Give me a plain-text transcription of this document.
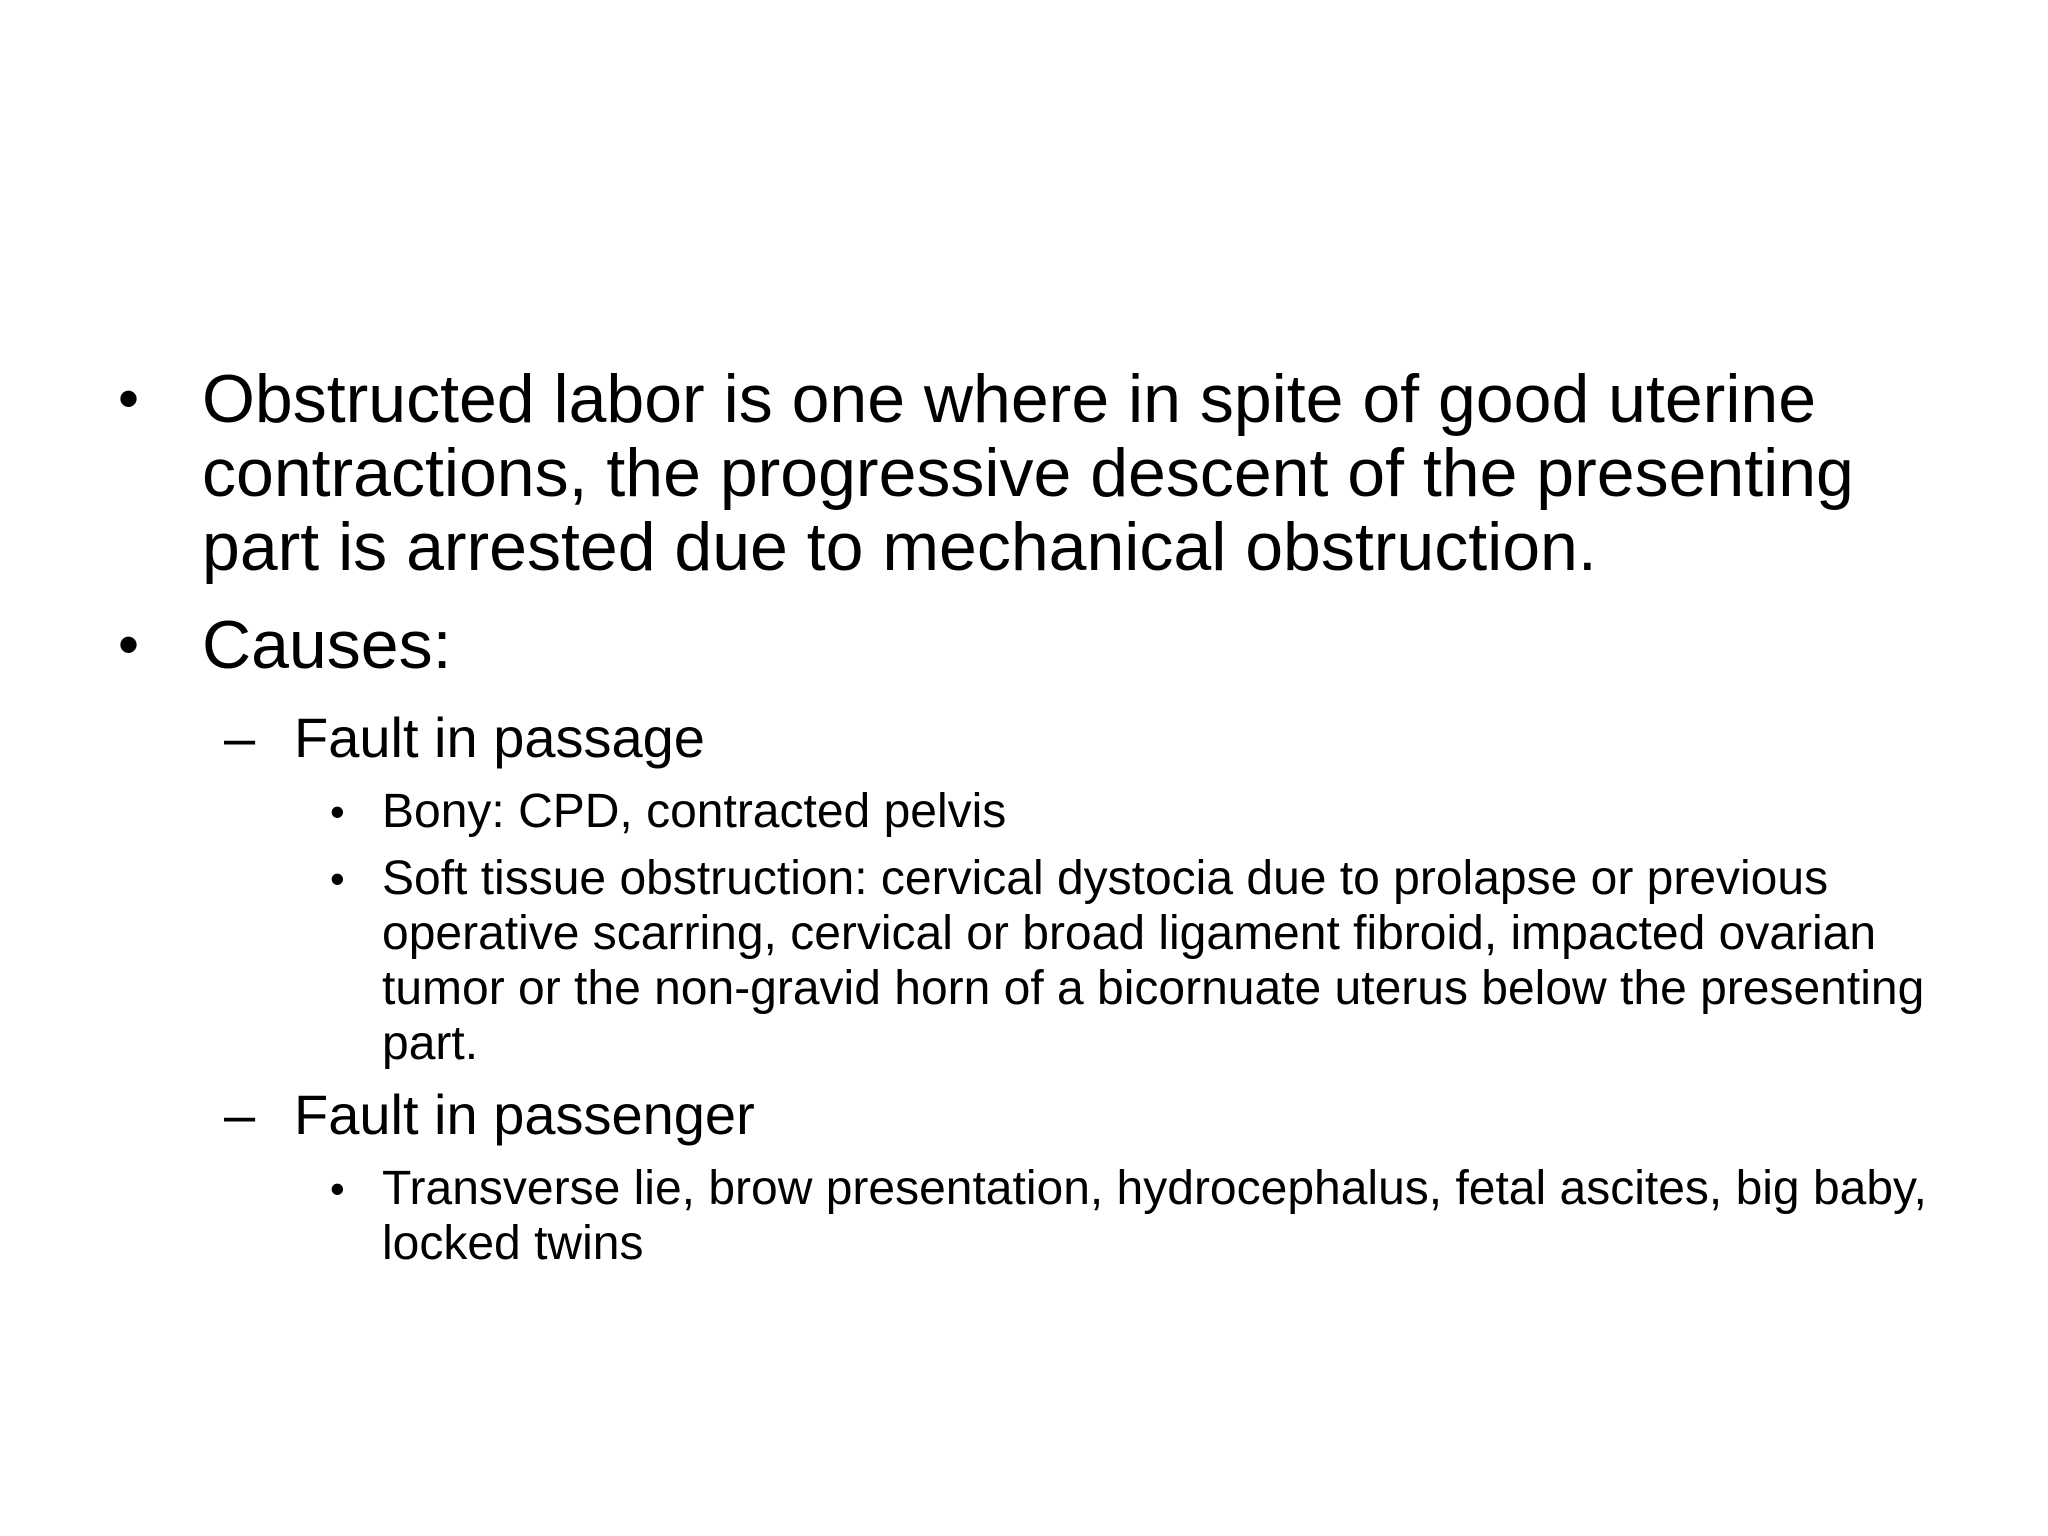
• Obstructed labor is one where in spite of good uterine contractions, the progressive descent of the presenting part is arrested due to mechanical obstruction.
• Causes:
– Fault in passage
• Bony: CPD, contracted pelvis
• Soft tissue obstruction: cervical dystocia due to prolapse or previous operative scarring, cervical or broad ligament fibroid, impacted ovarian tumor or the non-gravid horn of a bicornuate uterus below the presenting part.
– Fault in passenger
• Transverse lie, brow presentation, hydrocephalus, fetal ascites, big baby, locked twins
